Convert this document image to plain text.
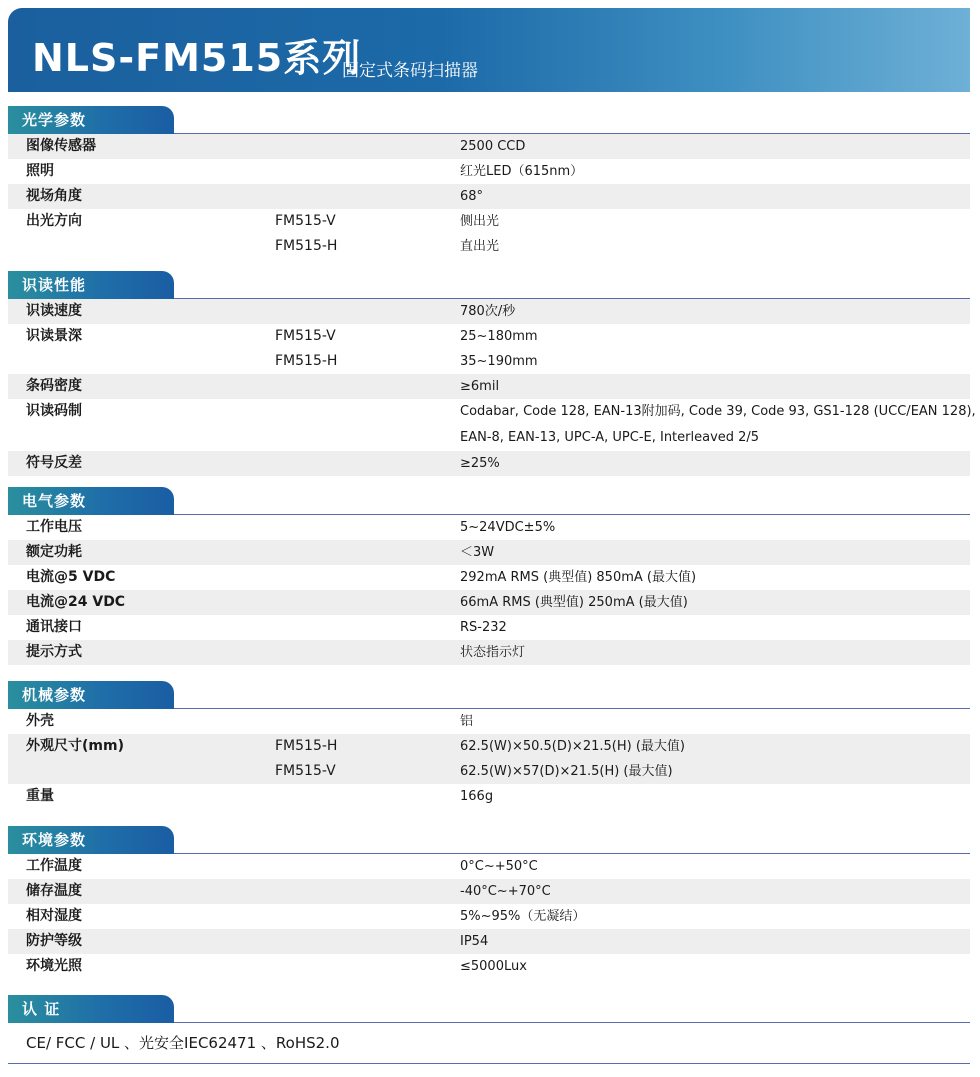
NLS-FM515系列
固定式条码扫描器
光学参数
图像传感器	2500 CCD
照明	红光LED（615nm）
视场角度	68°
出光方向	FM515-V	侧出光
FM515-H	直出光
识读性能
识读速度	780次/秒
识读景深	FM515-V	25~180mm
FM515-H	35~190mm
条码密度	≥6mil
识读码制	Codabar, Code 128, EAN-13附加码, Code 39, Code 93, GS1-128 (UCC/EAN 128),
EAN-8, EAN-13, UPC-A, UPC-E, Interleaved 2/5
符号反差	≥25%
电气参数
工作电压	5~24VDC±5%
额定功耗	＜3W
电流@5 VDC	292mA RMS (典型值) 850mA (最大值)
电流@24 VDC	66mA RMS (典型值) 250mA (最大值)
通讯接口	RS-232
提示方式	状态指示灯
机械参数
外壳	铝
外观尺寸(mm)	FM515-H	62.5(W)×50.5(D)×21.5(H) (最大值)
FM515-V	62.5(W)×57(D)×21.5(H) (最大值)
重量	166g
环境参数
工作温度	0°C~+50°C
储存温度	-40°C~+70°C
相对湿度	5%~95%（无凝结）
防护等级	IP54
环境光照	≤5000Lux
认 证
CE/ FCC / UL 、光安全IEC62471 、RoHS2.0
